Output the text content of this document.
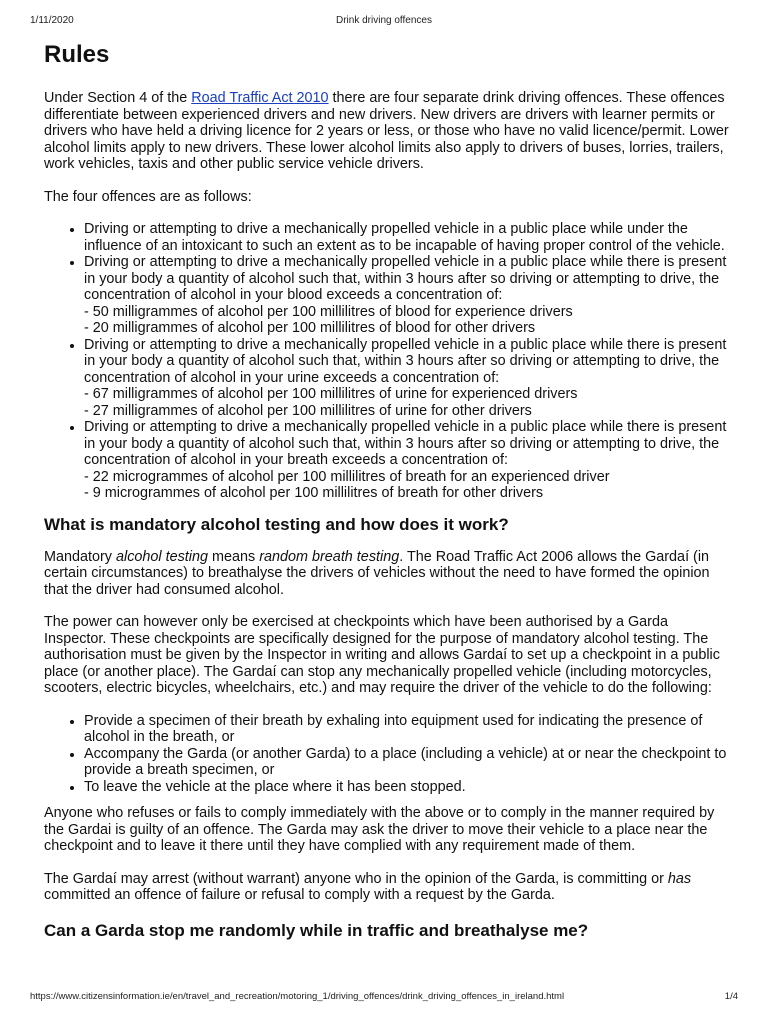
1/11/2020	Drink driving offences
Rules

Under Section 4 of the Road Traffic Act 2010 there are four separate drink driving offences. These offences differentiate between experienced drivers and new drivers. New drivers are drivers with learner permits or drivers who have held a driving licence for 2 years or less, or those who have no valid licence/permit. Lower alcohol limits apply to new drivers. These lower alcohol limits also apply to drivers of buses, lorries, trailers, work vehicles, taxis and other public service vehicle drivers.

The four offences are as follows:

• Driving or attempting to drive a mechanically propelled vehicle in a public place while under the influence of an intoxicant to such an extent as to be incapable of having proper control of the vehicle.
• Driving or attempting to drive a mechanically propelled vehicle in a public place while there is present in your body a quantity of alcohol such that, within 3 hours after so driving or attempting to drive, the concentration of alcohol in your blood exceeds a concentration of:
- 50 milligrammes of alcohol per 100 millilitres of blood for experience drivers
- 20 milligrammes of alcohol per 100 millilitres of blood for other drivers
• Driving or attempting to drive a mechanically propelled vehicle in a public place while there is present in your body a quantity of alcohol such that, within 3 hours after so driving or attempting to drive, the concentration of alcohol in your urine exceeds a concentration of:
- 67 milligrammes of alcohol per 100 millilitres of urine for experienced drivers
- 27 milligrammes of alcohol per 100 millilitres of urine for other drivers
• Driving or attempting to drive a mechanically propelled vehicle in a public place while there is present in your body a quantity of alcohol such that, within 3 hours after so driving or attempting to drive, the concentration of alcohol in your breath exceeds a concentration of:
- 22 microgrammes of alcohol per 100 millilitres of breath for an experienced driver
- 9 microgrammes of alcohol per 100 millilitres of breath for other drivers
What is mandatory alcohol testing and how does it work?

Mandatory alcohol testing means random breath testing. The Road Traffic Act 2006 allows the Gardaí (in certain circumstances) to breathalyse the drivers of vehicles without the need to have formed the opinion that the driver had consumed alcohol.

The power can however only be exercised at checkpoints which have been authorised by a Garda Inspector. These checkpoints are specifically designed for the purpose of mandatory alcohol testing. The authorisation must be given by the Inspector in writing and allows Gardaí to set up a checkpoint in a public place (or another place). The Gardaí can stop any mechanically propelled vehicle (including motorcycles, scooters, electric bicycles, wheelchairs, etc.) and may require the driver of the vehicle to do the following:

• Provide a specimen of their breath by exhaling into equipment used for indicating the presence of alcohol in the breath, or
• Accompany the Garda (or another Garda) to a place (including a vehicle) at or near the checkpoint to provide a breath specimen, or
• To leave the vehicle at the place where it has been stopped.

Anyone who refuses or fails to comply immediately with the above or to comply in the manner required by the Gardai is guilty of an offence. The Garda may ask the driver to move their vehicle to a place near the checkpoint and to leave it there until they have complied with any requirement made of them.

The Gardaí may arrest (without warrant) anyone who in the opinion of the Garda, is committing or has committed an offence of failure or refusal to comply with a request by the Garda.

Can a Garda stop me randomly while in traffic and breathalyse me?
https://www.citizensinformation.ie/en/travel_and_recreation/motoring_1/driving_offences/drink_driving_offences_in_ireland.html	1/4
